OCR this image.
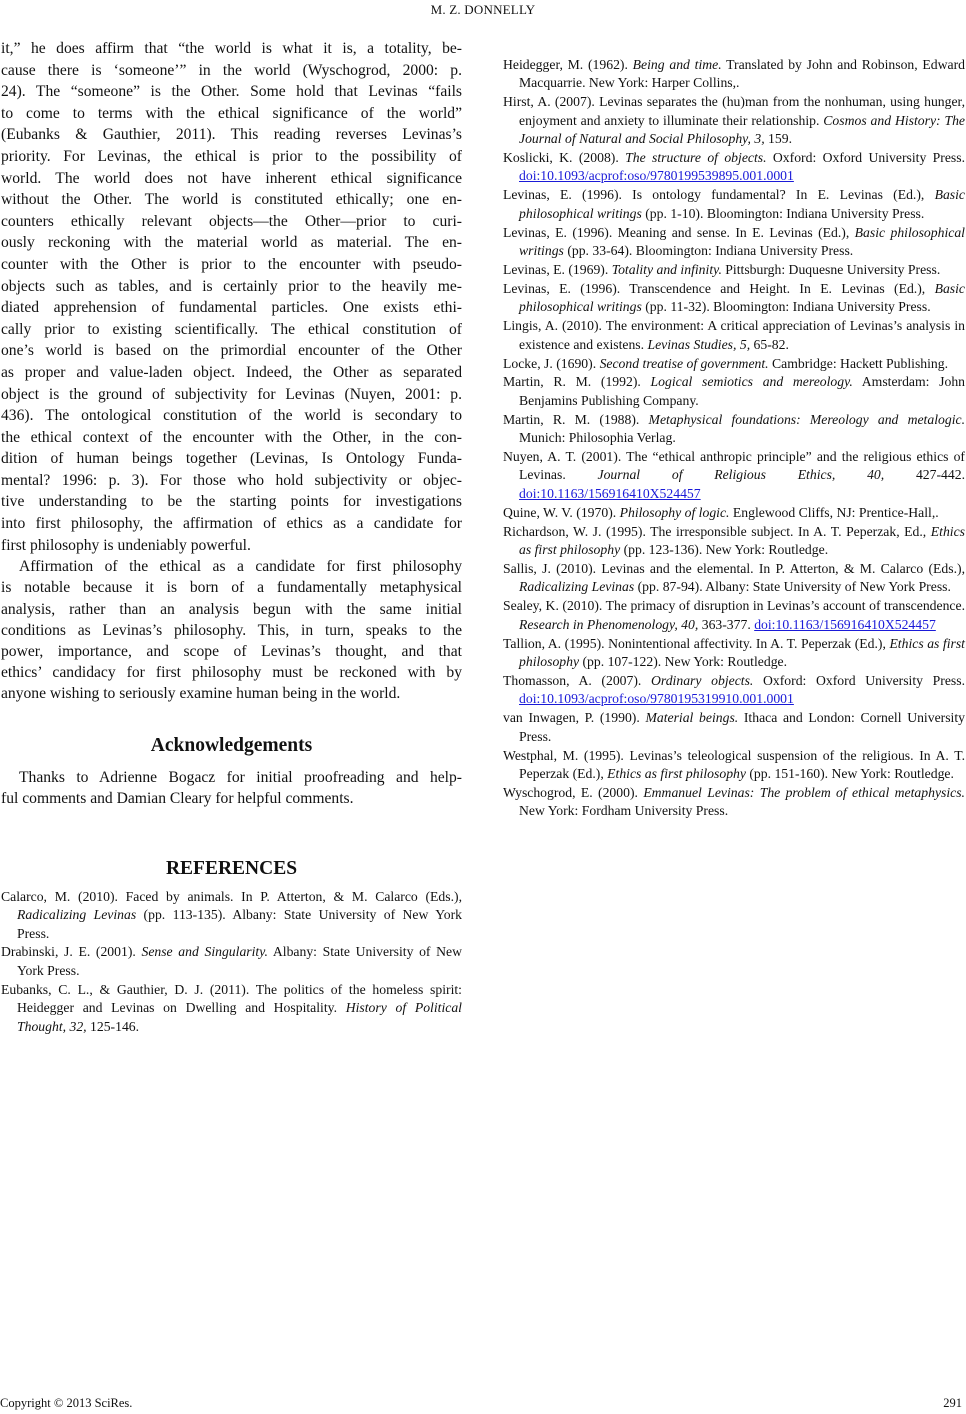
M. Z. DONNELLY
it,” he does affirm that “the world is what it is, a totality, be-
cause there is ‘someone’” in the world (Wyschogrod, 2000: p.
24). The “someone” is the Other. Some hold that Levinas “fails
to come to terms with the ethical significance of the world”
(Eubanks & Gauthier, 2011). This reading reverses Levinas’s
priority. For Levinas, the ethical is prior to the possibility of
world. The world does not have inherent ethical significance
without the Other. The world is constituted ethically; one en-
counters ethically relevant objects—the Other—prior to curi-
ously reckoning with the material world as material. The en-
counter with the Other is prior to the encounter with pseudo-
objects such as tables, and is certainly prior to the heavily me-
diated apprehension of fundamental particles. One exists ethi-
cally prior to existing scientifically. The ethical constitution of
one’s world is based on the primordial encounter of the Other
as proper and value-laden object. Indeed, the Other as separated
object is the ground of subjectivity for Levinas (Nuyen, 2001: p.
436). The ontological constitution of the world is secondary to
the ethical context of the encounter with the Other, in the con-
dition of human beings together (Levinas, Is Ontology Funda-
mental? 1996: p. 3). For those who hold subjectivity or objec-
tive understanding to be the starting points for investigations
into first philosophy, the affirmation of ethics as a candidate for
first philosophy is undeniably powerful.
Affirmation of the ethical as a candidate for first philosophy
is notable because it is born of a fundamentally metaphysical
analysis, rather than an analysis begun with the same initial
conditions as Levinas’s philosophy. This, in turn, speaks to the
power, importance, and scope of Levinas’s thought, and that
ethics’ candidacy for first philosophy must be reckoned with by
anyone wishing to seriously examine human being in the world.
Acknowledgements
Thanks to Adrienne Bogacz for initial proofreading and help-
ful comments and Damian Cleary for helpful comments.
REFERENCES
Calarco, M. (2010). Faced by animals. In P. Atterton, & M. Calarco (Eds.), Radicalizing Levinas (pp. 113-135). Albany: State University of New York Press.
Drabinski, J. E. (2001). Sense and Singularity. Albany: State University of New York Press.
Eubanks, C. L., & Gauthier, D. J. (2011). The politics of the homeless spirit: Heidegger and Levinas on Dwelling and Hospitality. History of Political Thought, 32, 125-146.
Heidegger, M. (1962). Being and time. Translated by John and Robinson, Edward Macquarrie. New York: Harper Collins,.
Hirst, A. (2007). Levinas separates the (hu)man from the nonhuman, using hunger, enjoyment and anxiety to illuminate their relationship. Cosmos and History: The Journal of Natural and Social Philosophy, 3, 159.
Koslicki, K. (2008). The structure of objects. Oxford: Oxford University Press. doi:10.1093/acprof:oso/9780199539895.001.0001
Levinas, E. (1996). Is ontology fundamental? In E. Levinas (Ed.), Basic philosophical writings (pp. 1-10). Bloomington: Indiana University Press.
Levinas, E. (1996). Meaning and sense. In E. Levinas (Ed.), Basic philosophical writings (pp. 33-64). Bloomington: Indiana University Press.
Levinas, E. (1969). Totality and infinity. Pittsburgh: Duquesne University Press.
Levinas, E. (1996). Transcendence and Height. In E. Levinas (Ed.), Basic philosophical writings (pp. 11-32). Bloomington: Indiana University Press.
Lingis, A. (2010). The environment: A critical appreciation of Levinas’s analysis in existence and existens. Levinas Studies, 5, 65-82.
Locke, J. (1690). Second treatise of government. Cambridge: Hackett Publishing.
Martin, R. M. (1992). Logical semiotics and mereology. Amsterdam: John Benjamins Publishing Company.
Martin, R. M. (1988). Metaphysical foundations: Mereology and metalogic. Munich: Philosophia Verlag.
Nuyen, A. T. (2001). The “ethical anthropic principle” and the religious ethics of Levinas. Journal of Religious Ethics, 40, 427-442. doi:10.1163/156916410X524457
Quine, W. V. (1970). Philosophy of logic. Englewood Cliffs, NJ: Prentice-Hall,.
Richardson, W. J. (1995). The irresponsible subject. In A. T. Peperzak, Ed., Ethics as first philosophy (pp. 123-136). New York: Routledge.
Sallis, J. (2010). Levinas and the elemental. In P. Atterton, & M. Calarco (Eds.), Radicalizing Levinas (pp. 87-94). Albany: State University of New York Press.
Sealey, K. (2010). The primacy of disruption in Levinas’s account of transcendence. Research in Phenomenology, 40, 363-377. doi:10.1163/156916410X524457
Tallion, A. (1995). Nonintentional affectivity. In A. T. Peperzak (Ed.), Ethics as first philosophy (pp. 107-122). New York: Routledge.
Thomasson, A. (2007). Ordinary objects. Oxford: Oxford University Press. doi:10.1093/acprof:oso/9780195319910.001.0001
van Inwagen, P. (1990). Material beings. Ithaca and London: Cornell University Press.
Westphal, M. (1995). Levinas’s teleological suspension of the religious. In A. T. Peperzak (Ed.), Ethics as first philosophy (pp. 151-160). New York: Routledge.
Wyschogrod, E. (2000). Emmanuel Levinas: The problem of ethical metaphysics. New York: Fordham University Press.
Copyright © 2013 SciRes.	291
